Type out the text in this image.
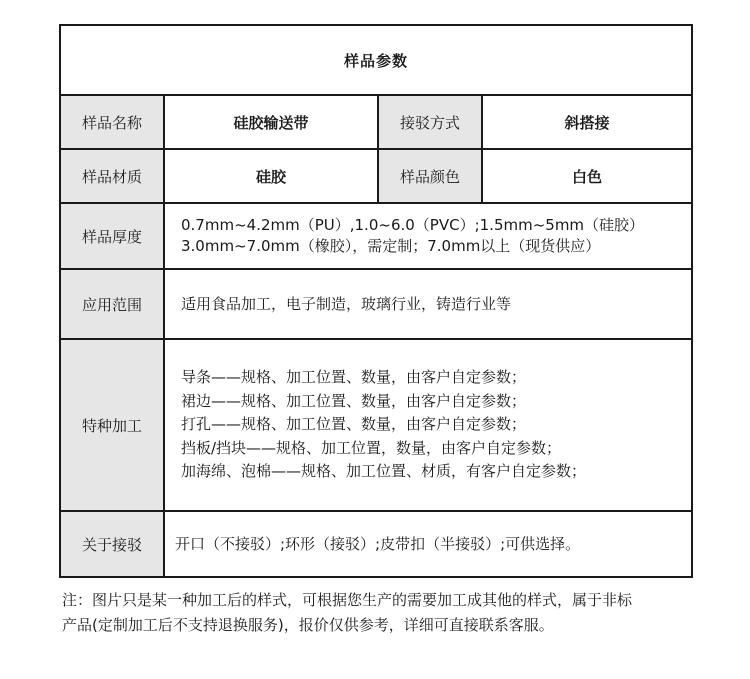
样品参数			
样品名称	硅胶输送带	接驳方式	斜搭接
样品材质	硅胶	样品颜色	白色
样品厚度	0.7mm~4.2mm（PU）,1.0~6.0（PVC）;1.5mm~5mm（硅胶）
3.0mm~7.0mm（橡胶），需定制；7.0mm以上（现货供应）		

应用范围	适用食品加工，电子制造，玻璃行业，铸造行业等		
特种加工	导条——规格、加工位置、数量，由客户自定参数；
裙边——规格、加工位置、数量，由客户自定参数；
打孔——规格、加工位置、数量，由客户自定参数；
挡板/挡块——规格、加工位置，数量，由客户自定参数；
加海绵、泡棉——规格、加工位置、材质，有客户自定参数；		

关于接驳	开口（不接驳）;环形（接驳）;皮带扣（半接驳）;可供选择。		
注：图片只是某一种加工后的样式，可根据您生产的需要加工成其他的样式，属于非标
产品(定制加工后不支持退换服务)，报价仅供参考，详细可直接联系客服。
